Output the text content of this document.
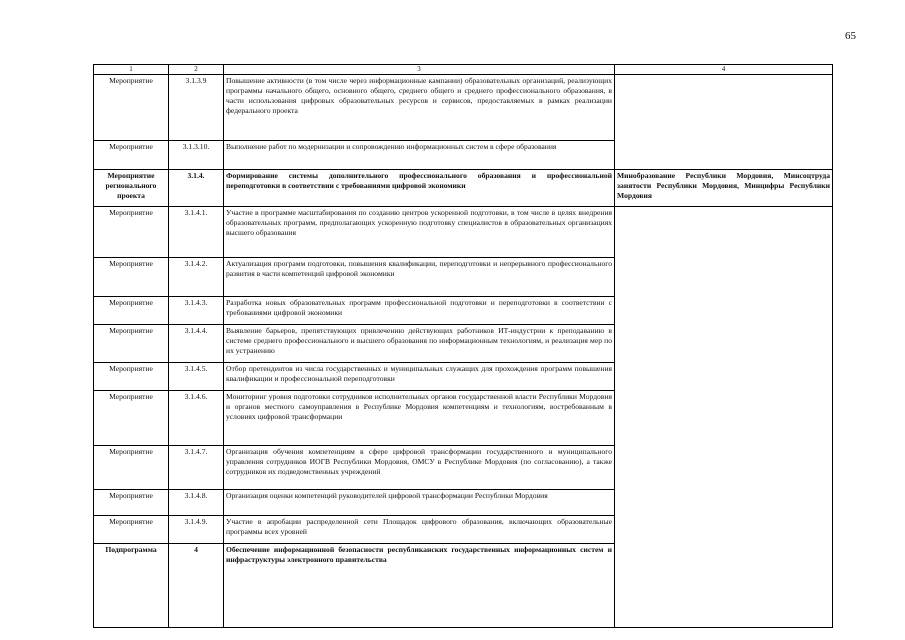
65
1	2	3	4	
Мероприятие	3.1.3.9	Повышение активности (в том числе через информационные кампании) образовательных организаций, реализующих программы начального общего, основного общего, среднего общего и среднего профессионального образования, в части использования цифровых образовательных ресурсов и сервисов, предоставляемых в рамках реализации федерального проекта		
Мероприятие	3.1.3.10.	Выполнение работ по модернизации и сопровождению информационных систем в сфере образования		
Мероприятие регионального проекта	3.1.4.	Формирование системы дополнительного профессионального образования и профессиональной переподготовки в соответствии с требованиями цифровой экономики	Минобразование Республики Мордовия, Минсоцтруда занятости Республики Мордовия, Минцифры Республики Мордовия	
Мероприятие	3.1.4.1.	Участие в программе масштабирования по созданию центров ускоренной подготовки, в том числе в целях внедрения образовательных программ, предполагающих ускоренную подготовку специалистов в образовательных организациях высшего образования		
Мероприятие	3.1.4.2.	Актуализация программ подготовки, повышения квалификации, переподготовки и непрерывного профессионального развития в части компетенций цифровой экономики		
Мероприятие	3.1.4.3.	Разработка новых образовательных программ профессиональной подготовки и переподготовки в соответствии с требованиями цифровой экономики		
Мероприятие	3.1.4.4.	Выявление барьеров, препятствующих привлечению действующих работников ИТ-индустрии к преподаванию в системе среднего профессионального и высшего образования по информационным технологиям, и реализация мер по их устранению		
Мероприятие	3.1.4.5.	Отбор претендентов из числа государственных и муниципальных служащих для прохождения программ повышения квалификации и профессиональной переподготовки		
Мероприятие	3.1.4.6.	Мониторинг уровня подготовки сотрудников исполнительных органов государственной власти Республики Мордовия и органов местного самоуправления в Республике Мордовия компетенциям и технологиям, востребованным в условиях цифровой трансформации		
Мероприятие	3.1.4.7.	Организация обучения компетенциям в сфере цифровой трансформации государственного и муниципального управления сотрудников ИОГВ Республики Мордовия, ОМСУ в Республике Мордовия (по согласованию), а также сотрудников их подведомственных учреждений		
Мероприятие	3.1.4.8.	Организация оценки компетенций руководителей цифровой трансформации Республики Мордовия		
Мероприятие	3.1.4.9.	Участие в апробации распределенной сети Площадок цифрового образования, включающих образовательные программы всех уровней		
Подпрограмма	4	Обеспечение информационной безопасности республиканских государственных информационных систем и инфраструктуры электронного правительства	
